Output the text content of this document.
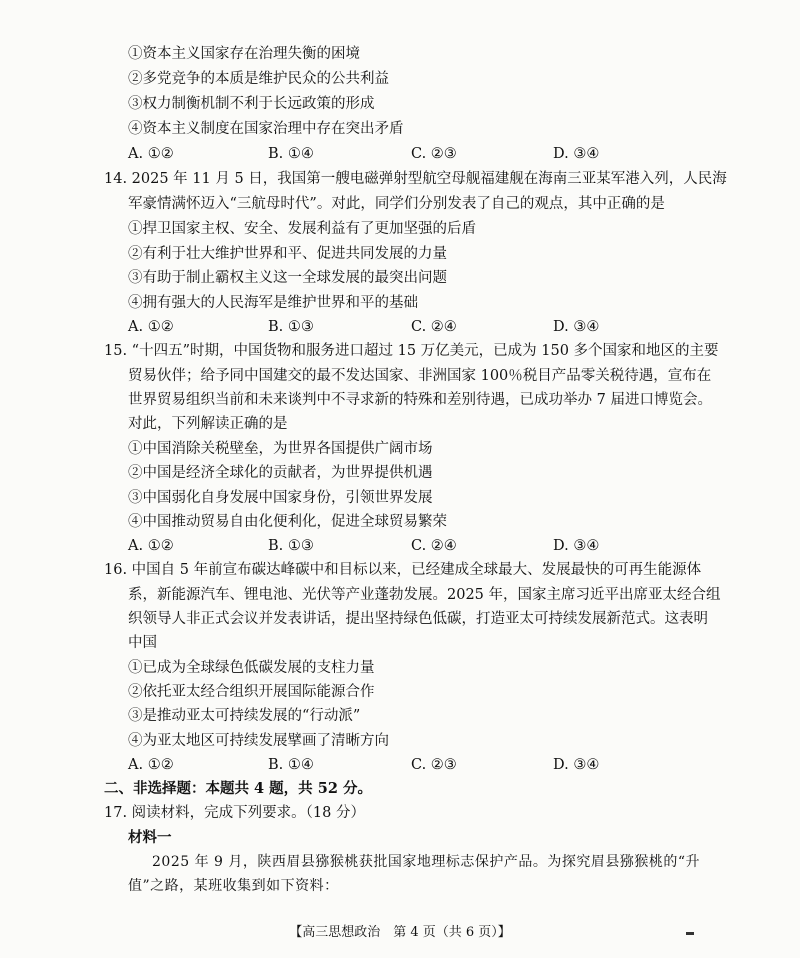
①资本主义国家存在治理失衡的困境
②多党竞争的本质是维护民众的公共利益
③权力制衡机制不利于长远政策的形成
④资本主义制度在国家治理中存在突出矛盾
A. ①②	B. ①④	C. ②③	D. ③④
14. 2025 年 11 月 5 日，我国第一艘电磁弹射型航空母舰福建舰在海南三亚某军港入列，人民海
军豪情满怀迈入“三航母时代”。对此，同学们分别发表了自己的观点，其中正确的是
①捍卫国家主权、安全、发展利益有了更加坚强的后盾
②有利于壮大维护世界和平、促进共同发展的力量
③有助于制止霸权主义这一全球发展的最突出问题
④拥有强大的人民海军是维护世界和平的基础
A. ①②	B. ①③	C. ②④	D. ③④
15. “十四五”时期，中国货物和服务进口超过 15 万亿美元，已成为 150 多个国家和地区的主要
贸易伙伴；给予同中国建交的最不发达国家、非洲国家 100％税目产品零关税待遇，宣布在
世界贸易组织当前和未来谈判中不寻求新的特殊和差别待遇，已成功举办 7 届进口博览会。
对此，下列解读正确的是
①中国消除关税壁垒，为世界各国提供广阔市场
②中国是经济全球化的贡献者，为世界提供机遇
③中国弱化自身发展中国家身份，引领世界发展
④中国推动贸易自由化便利化，促进全球贸易繁荣
A. ①②	B. ①③	C. ②④	D. ③④
16. 中国自 5 年前宣布碳达峰碳中和目标以来，已经建成全球最大、发展最快的可再生能源体
系，新能源汽车、锂电池、光伏等产业蓬勃发展。2025 年，国家主席习近平出席亚太经合组
织领导人非正式会议并发表讲话，提出坚持绿色低碳，打造亚太可持续发展新范式。这表明
中国
①已成为全球绿色低碳发展的支柱力量
②依托亚太经合组织开展国际能源合作
③是推动亚太可持续发展的“行动派”
④为亚太地区可持续发展擘画了清晰方向
A. ①②	B. ①④	C. ②③	D. ③④
二、非选择题：本题共 4 题，共 52 分。
17. 阅读材料，完成下列要求。（18 分）
材料一
2025 年 9 月，陕西眉县猕猴桃获批国家地理标志保护产品。为探究眉县猕猴桃的“升
值”之路，某班收集到如下资料：
【高三思想政治　第 4 页（共 6 页）】
